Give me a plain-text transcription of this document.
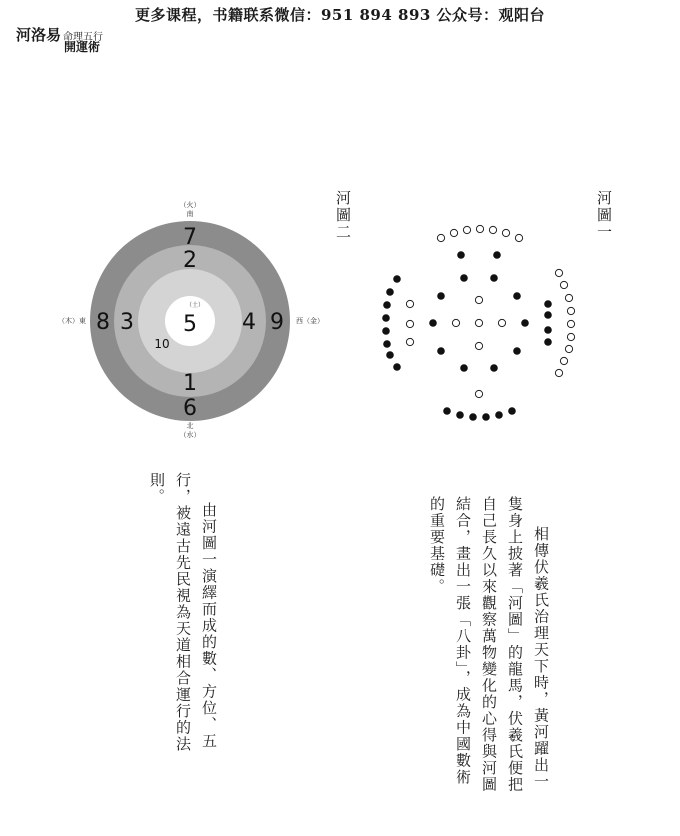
更多课程，书籍联系微信：951 894 893 公众号：观阳台
河洛易 命理五行
開運術
河圖一
河圖二
（火）
南
7
8	9
6
2
3	4
1
（土）
5
10
（木）東	西（金）
北
（水）

相傳伏羲氏治理天下時，黃河躍出一隻身上披著「河圖」的龍馬，伏羲氏便把自己長久以來觀察萬物變化的心得與河圖結合，畫出一張「八卦」，成為中國數術的重要基礎。

由河圖一演繹而成的數、方位、五行，被遠古先民視為天道相合運行的法則。
